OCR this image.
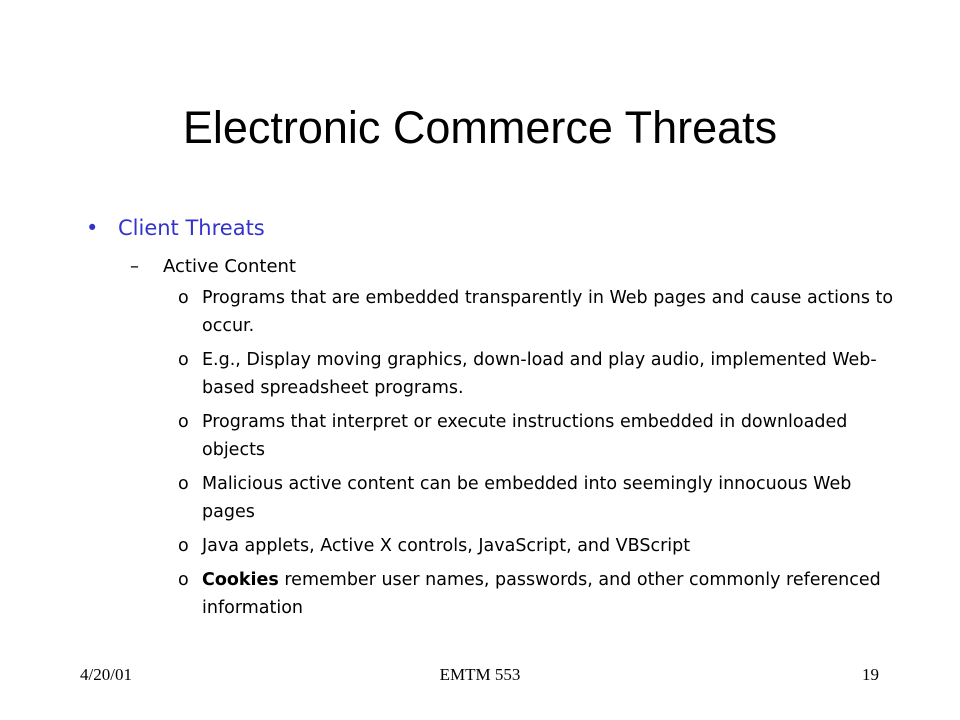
Electronic Commerce Threats
• Client Threats
– Active Content
o Programs that are embedded transparently in Web pages and cause actions to occur.
o E.g., Display moving graphics, down-load and play audio, implemented Web-based spreadsheet programs.
o Programs that interpret or execute instructions embedded in downloaded objects
o Malicious active content can be embedded into seemingly innocuous Web pages
o Java applets, Active X controls, JavaScript, and VBScript
o Cookies remember user names, passwords, and other commonly referenced information
4/20/01	EMTM 553	19
